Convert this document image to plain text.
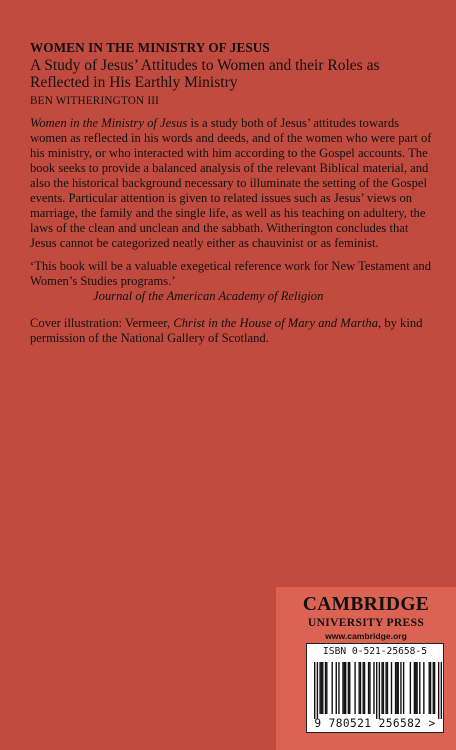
WOMEN IN THE MINISTRY OF JESUS
A Study of Jesus’ Attitudes to Women and their Roles as Reflected in His Earthly Ministry
BEN WITHERINGTON III

Women in the Ministry of Jesus is a study both of Jesus’ attitudes towards women as reflected in his words and deeds, and of the women who were part of his ministry, or who interacted with him according to the Gospel accounts. The book seeks to provide a balanced analysis of the relevant Biblical material, and also the historical background necessary to illuminate the setting of the Gospel events. Particular attention is given to related issues such as Jesus’ views on marriage, the family and the single life, as well as his teaching on adultery, the laws of the clean and unclean and the sabbath. Witherington concludes that Jesus cannot be categorized neatly either as chauvinist or as feminist.

‘This book will be a valuable exegetical reference work for New Testament and Women’s Studies programs.’
Journal of the American Academy of Religion

Cover illustration: Vermeer, Christ in the House of Mary and Martha, by kind permission of the National Gallery of Scotland.

CAMBRIDGE
UNIVERSITY PRESS
www.cambridge.org
ISBN 0-521-25658-5
9 780521 256582 >
